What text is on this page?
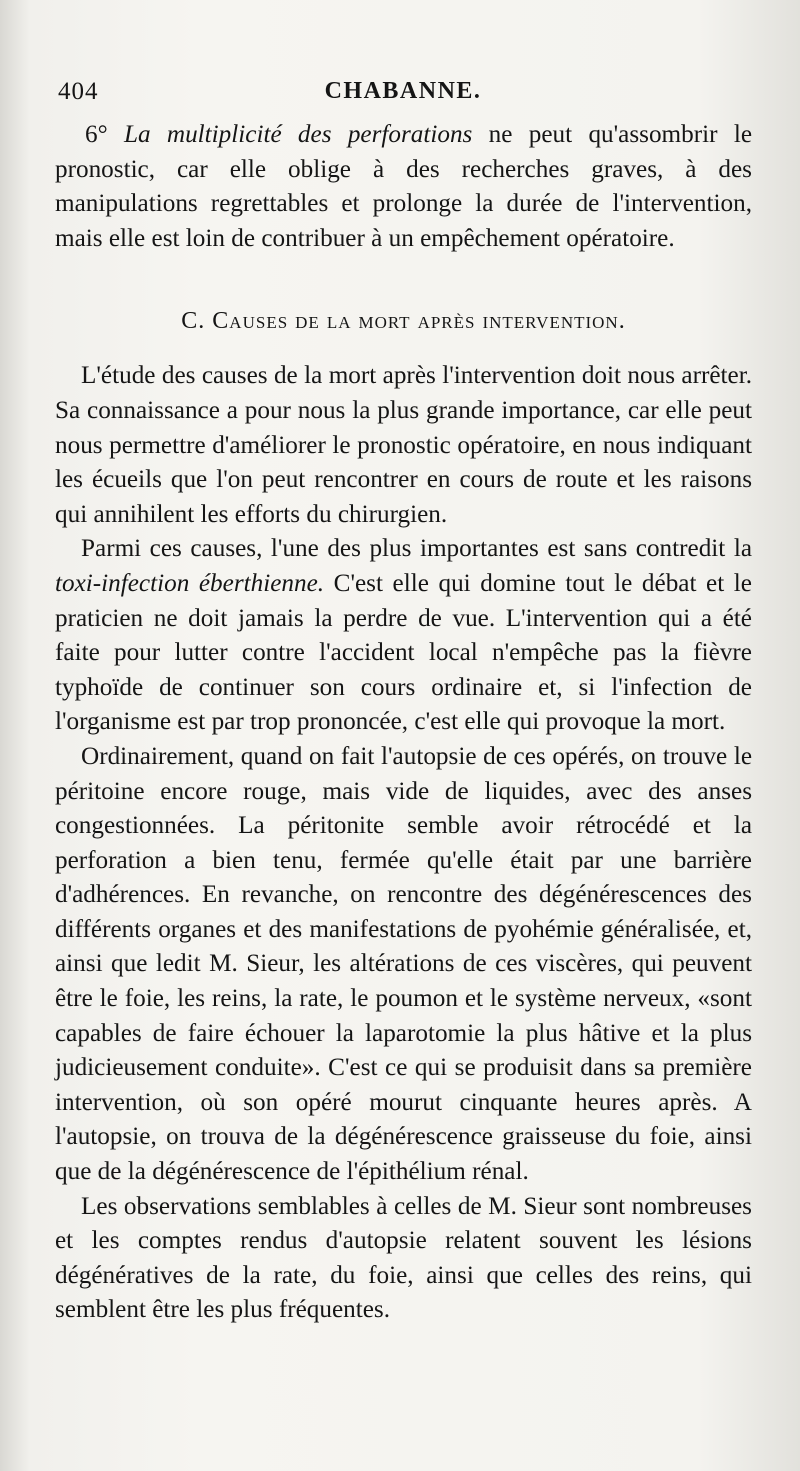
404	CHABANNE.

6° La multiplicité des perforations ne peut qu'assombrir le pronostic, car elle oblige à des recherches graves, à des manipulations regrettables et prolonge la durée de l'intervention, mais elle est loin de contribuer à un empêchement opératoire.

C. Causes de la mort après intervention.

L'étude des causes de la mort après l'intervention doit nous arrêter. Sa connaissance a pour nous la plus grande importance, car elle peut nous permettre d'améliorer le pronostic opératoire, en nous indiquant les écueils que l'on peut rencontrer en cours de route et les raisons qui annihilent les efforts du chirurgien.

Parmi ces causes, l'une des plus importantes est sans contredit la toxi-infection éberthienne. C'est elle qui domine tout le débat et le praticien ne doit jamais la perdre de vue. L'intervention qui a été faite pour lutter contre l'accident local n'empêche pas la fièvre typhoïde de continuer son cours ordinaire et, si l'infection de l'organisme est par trop prononcée, c'est elle qui provoque la mort.

Ordinairement, quand on fait l'autopsie de ces opérés, on trouve le péritoine encore rouge, mais vide de liquides, avec des anses congestionnées. La péritonite semble avoir rétrocédé et la perforation a bien tenu, fermée qu'elle était par une barrière d'adhérences. En revanche, on rencontre des dégénérescences des différents organes et des manifestations de pyohémie généralisée, et, ainsi que ledit M. Sieur, les altérations de ces viscères, qui peuvent être le foie, les reins, la rate, le poumon et le système nerveux, «sont capables de faire échouer la laparotomie la plus hâtive et la plus judicieusement conduite». C'est ce qui se produisit dans sa première intervention, où son opéré mourut cinquante heures après. A l'autopsie, on trouva de la dégénérescence graisseuse du foie, ainsi que de la dégénérescence de l'épithélium rénal.

Les observations semblables à celles de M. Sieur sont nombreuses et les comptes rendus d'autopsie relatent souvent les lésions dégénératives de la rate, du foie, ainsi que celles des reins, qui semblent être les plus fréquentes.
